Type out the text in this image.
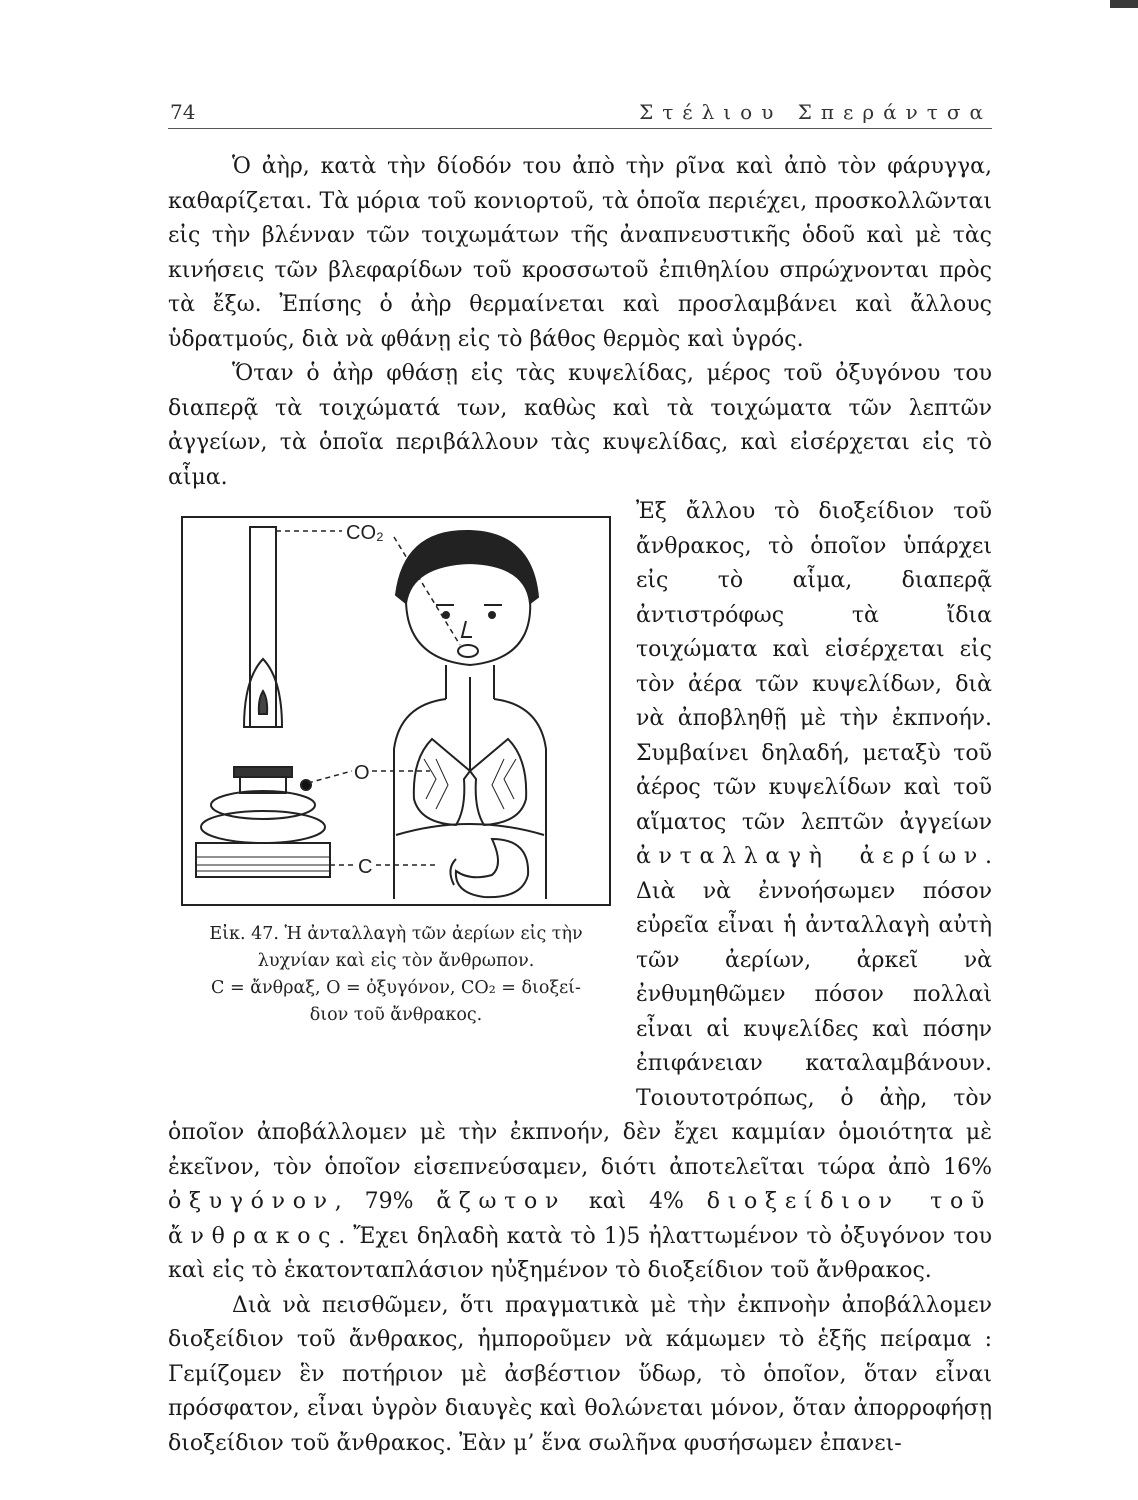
74	Στέλιου Σπεράντσα

Ὁ ἀὴρ, κατὰ τὴν δίοδόν του ἀπὸ τὴν ρῖνα καὶ ἀπὸ τὸν φάρυγγα, καθαρίζεται. Τὰ μόρια τοῦ κονιορτοῦ, τὰ ὁποῖα περιέχει, προσκολλῶνται εἰς τὴν βλένναν τῶν τοιχωμάτων τῆς ἀναπνευστικῆς ὁδοῦ καὶ μὲ τὰς κινήσεις τῶν βλεφαρίδων τοῦ κροσσωτοῦ ἐπιθηλίου σπρώχνονται πρὸς τὰ ἔξω. Ἐπίσης ὁ ἀὴρ θερμαίνεται καὶ προσλαμβάνει καὶ ἄλλους ὑδρατμούς, διὰ νὰ φθάνῃ εἰς τὸ βάθος θερμὸς καὶ ὑγρός.

Ὅταν ὁ ἀὴρ φθάσῃ εἰς τὰς κυψελίδας, μέρος τοῦ ὀξυγόνου του διαπερᾷ τὰ τοιχώματά των, καθὼς καὶ τὰ τοιχώματα τῶν λεπτῶν ἀγγείων, τὰ ὁποῖα περιβάλλουν τὰς κυψελίδας, καὶ εἰσέρχεται εἰς τὸ αἷμα.

CO₂
O
C
Εἰκ. 47. Ἡ ἀνταλλαγὴ τῶν ἀερίων εἰς τὴν
λυχνίαν καὶ εἰς τὸν ἄνθρωπον.
C = ἄνθραξ, O = ὀξυγόνον, CO₂ = διοξεί-
διον τοῦ ἄνθρακος.

Ἐξ ἄλλου τὸ διοξείδιον τοῦ ἄνθρακος, τὸ ὁποῖον ὑπάρχει εἰς τὸ αἷμα, διαπερᾷ ἀντιστρόφως τὰ ἴδια τοιχώματα καὶ εἰσέρχεται εἰς τὸν ἀέρα τῶν κυψελίδων, διὰ νὰ ἀποβληθῇ μὲ τὴν ἐκπνοήν. Συμβαίνει δηλαδή, μεταξὺ τοῦ ἀέρος τῶν κυψελίδων καὶ τοῦ αἵματος τῶν λεπτῶν ἀγγείων ἀνταλλαγὴ ἀερίων. Διὰ νὰ ἐννοήσωμεν πόσον εὐρεῖα εἶναι ἡ ἀνταλλαγὴ αὐτὴ τῶν ἀερίων, ἀρκεῖ νὰ ἐνθυμηθῶμεν πόσον πολλαὶ εἶναι αἱ κυψελίδες καὶ πόσην ἐπιφάνειαν καταλαμβάνουν. Τοιουτοτρόπως, ὁ ἀὴρ, τὸν ὁποῖον ἀποβάλλομεν μὲ τὴν ἐκπνοήν, δὲν ἔχει καμμίαν ὁμοιότητα μὲ ἐκεῖνον, τὸν ὁποῖον εἰσεπνεύσαμεν, διότι ἀποτελεῖται τώρα ἀπὸ 16% ὀξυγόνον, 79% ἄζωτον καὶ 4% διοξείδιον τοῦ ἄνθρακος. Ἔχει δηλαδὴ κατὰ τὸ 1)5 ἠλαττωμένον τὸ ὀξυγόνον του καὶ εἰς τὸ ἑκατονταπλάσιον ηὐξημένον τὸ διοξείδιον τοῦ ἄνθρακος.

Διὰ νὰ πεισθῶμεν, ὅτι πραγματικὰ μὲ τὴν ἐκπνοὴν ἀποβάλλομεν διοξείδιον τοῦ ἄνθρακος, ἠμποροῦμεν νὰ κάμωμεν τὸ ἑξῆς πείραμα : Γεμίζομεν ἓν ποτήριον μὲ ἀσβέστιον ὕδωρ, τὸ ὁποῖον, ὅταν εἶναι πρόσφατον, εἶναι ὑγρὸν διαυγὲς καὶ θολώνεται μόνον, ὅταν ἀπορροφήσῃ διοξείδιον τοῦ ἄνθρακος. Ἐὰν μ’ ἕνα σωλῆνα φυσήσωμεν ἐπανει-
